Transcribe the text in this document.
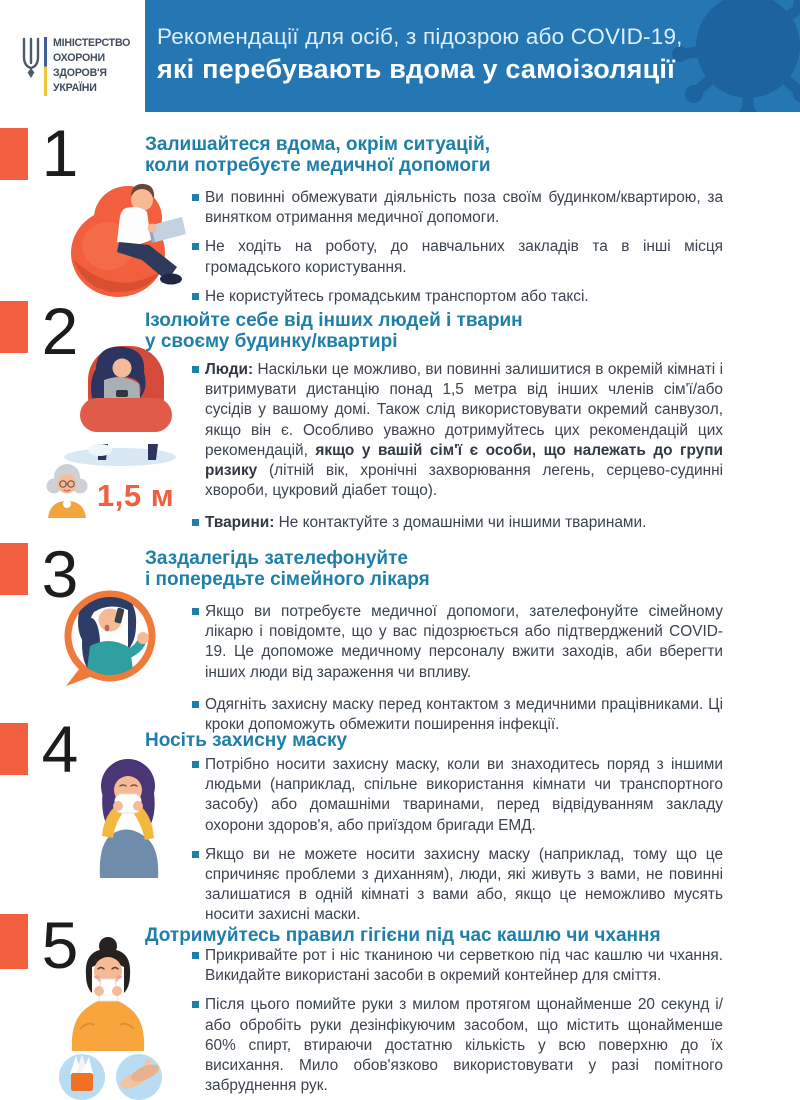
МІНІСТЕРСТВО
ОХОРОНИ
ЗДОРОВ'Я
УКРАЇНИ
Рекомендації для осіб, з підозрою або COVID-19,
які перебувають вдома у самоізоляції
1	Залишайтеся вдома, окрім ситуацій,
коли потребуєте медичної допомоги
Ви повинні обмежувати діяльність поза своїм будинком/квартирою, за винятком отримання медичної допомоги.
Не ходіть на роботу, до навчальних закладів та в інші місця громадського користування.
Не користуйтесь громадським транспортом або таксі.
2	Ізолюйте себе від інших людей і тварин
у своєму будинку/квартирі
1,5 м
Люди: Наскільки це можливо, ви повинні залишитися в окремій кімнаті і витримувати дистанцію понад 1,5 метра від інших членів сім'ї/або сусідів у вашому домі. Також слід використовувати окремий санвузол, якщо він є. Особливо уважно дотримуйтесь цих рекомендацій цих рекомендацій, якщо у вашій сім'ї є особи, що належать до групи ризику (літній вік, хронічні захворювання легень, серцево-судинні хвороби, цукровий діабет тощо).
Тварини: Не контактуйте з домашніми чи іншими тваринами.
3	Заздалегідь зателефонуйте
і попередьте сімейного лікаря
Якщо ви потребуєте медичної допомоги, зателефонуйте сімейному лікарю і повідомте, що у вас підозрюється або підтверджений COVID-19. Це допоможе медичному персоналу вжити заходів, аби вберегти інших люди від зараження чи впливу.
Одягніть захисну маску перед контактом з медичними працівниками. Ці кроки допоможуть обмежити поширення інфекції.
4	Носіть захисну маску
Потрібно носити захисну маску, коли ви знаходитесь поряд з іншими людьми (наприклад, спільне використання кімнати чи транспортного засобу) або домашніми тваринами, перед відвідуванням закладу охорони здоров'я, або приїздом бригади ЕМД.
Якщо ви не можете носити захисну маску (наприклад, тому що це спричиняє проблеми з диханням), люди, які живуть з вами, не повинні залишатися в одній кімнаті з вами або, якщо це неможливо мусять носити захисні маски.
5	Дотримуйтесь правил гігієни під час кашлю чи чхання
Прикривайте рот і ніс тканиною чи серветкою під час кашлю чи чхання. Викидайте використані засоби в окремий контейнер для сміття.
Після цього помийте руки з милом протягом щонайменше 20 секунд і/або обробіть руки дезінфікуючим засобом, що містить щонайменше 60% спирт, втираючи достатню кількість у всю поверхню до їх висихання. Мило обов'язково використовувати у разі помітного забруднення рук.
